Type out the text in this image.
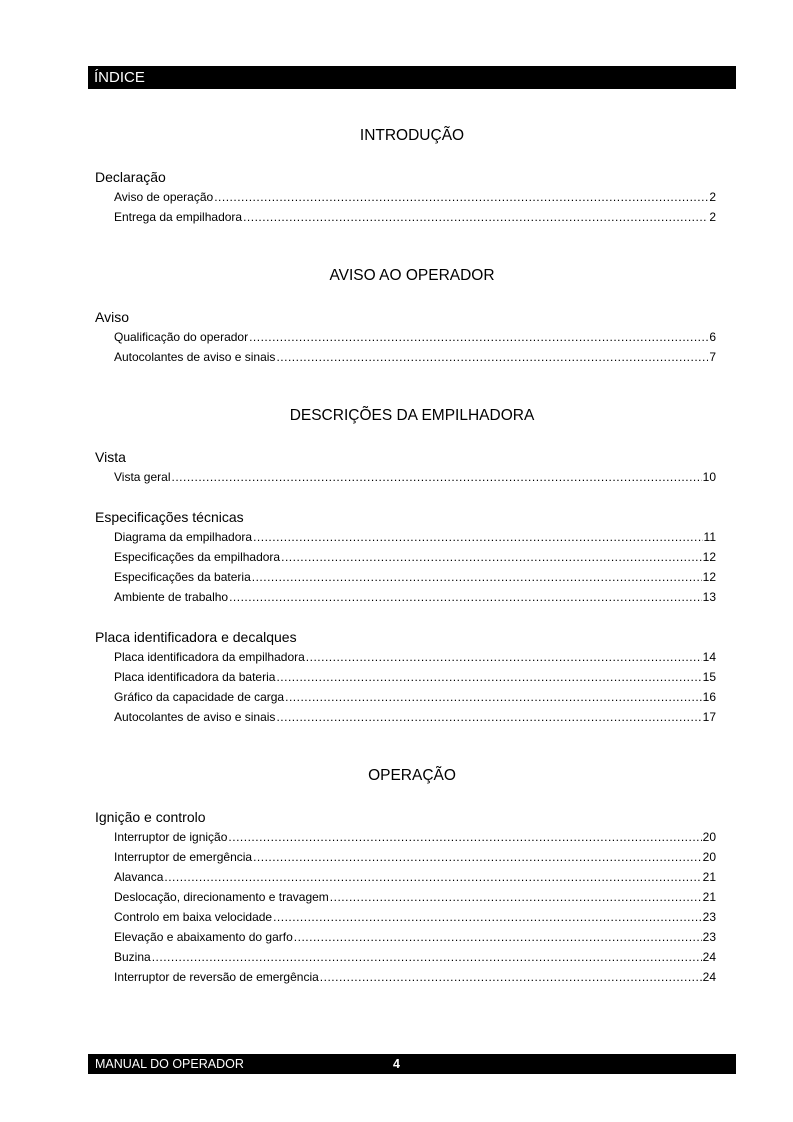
ÍNDICE
INTRODUÇÃO
Declaração
Aviso de operação .....	2
Entrega da empilhadora .....	2
AVISO AO OPERADOR
Aviso
Qualificação do operador .....	6
Autocolantes de aviso e sinais .....	7
DESCRIÇÕES DA EMPILHADORA
Vista
Vista geral .....	10
Especificações técnicas
Diagrama da empilhadora .....	11
Especificações da empilhadora .....	12
Especificações da bateria .....	12
Ambiente de trabalho .....	13
Placa identificadora e decalques
Placa identificadora da empilhadora .....	14
Placa identificadora da bateria .....	15
Gráfico da capacidade de carga .....	16
Autocolantes de aviso e sinais .....	17
OPERAÇÃO
Ignição e controlo
Interruptor de ignição .....	20
Interruptor de emergência .....	20
Alavanca .....	21
Deslocação, direcionamento e travagem .....	21
Controlo em baixa velocidade .....	23
Elevação e abaixamento do garfo .....	23
Buzina .....	24
Interruptor de reversão de emergência .....	24
MANUAL DO OPERADOR	4
